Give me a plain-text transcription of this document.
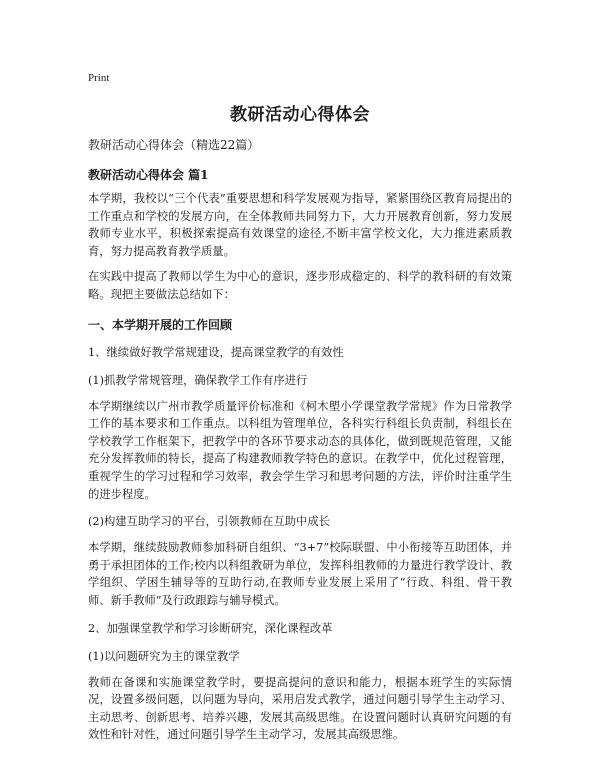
Print
教研活动心得体会

教研活动心得体会（精选22篇）

教研活动心得体会 篇1

本学期，我校以“三个代表”重要思想和科学发展观为指导，紧紧围绕区教育局提出的工作重点和学校的发展方向，在全体教师共同努力下，大力开展教育创新，努力发展教师专业水平，积极探索提高有效课堂的途径,不断丰富学校文化，大力推进素质教育，努力提高教育教学质量。

在实践中提高了教师以学生为中心的意识，逐步形成稳定的、科学的教科研的有效策略。现把主要做法总结如下：

一、本学期开展的工作回顾

1、继续做好教学常规建设，提高课堂教学的有效性

(1)抓教学常规管理，确保教学工作有序进行

本学期继续以广州市教学质量评价标准和《柯木塱小学课堂教学常规》作为日常教学工作的基本要求和工作重点。以科组为管理单位，各科实行科组长负责制，科组长在学校教学工作框架下，把教学中的各环节要求动态的具体化，做到既规范管理，又能充分发挥教师的特长，提高了构建教师教学特色的意识。在教学中，优化过程管理，重视学生的学习过程和学习效率，教会学生学习和思考问题的方法，评价时注重学生的进步程度。

(2)构建互助学习的平台，引领教师在互助中成长

本学期，继续鼓励教师参加科研自组织、“3+7”校际联盟、中小衔接等互助团体，并勇于承担团体的工作;校内以科组教研为单位，发挥科组教师的力量进行教学设计、教学组织、学困生辅导等的互助行动,在教师专业发展上采用了“行政、科组、骨干教师、新手教师”及行政跟踪与辅导模式。

2、加强课堂教学和学习诊断研究，深化课程改革

(1)以问题研究为主的课堂教学

教师在备课和实施课堂教学时，要提高提问的意识和能力，根据本班学生的实际情况，设置多级问题，以问题为导向，采用启发式教学，通过问题引导学生主动学习、主动思考、创新思考、培养兴趣，发展其高级思维。在设置问题时认真研究问题的有效性和针对性，通过问题引导学生主动学习，发展其高级思维。
